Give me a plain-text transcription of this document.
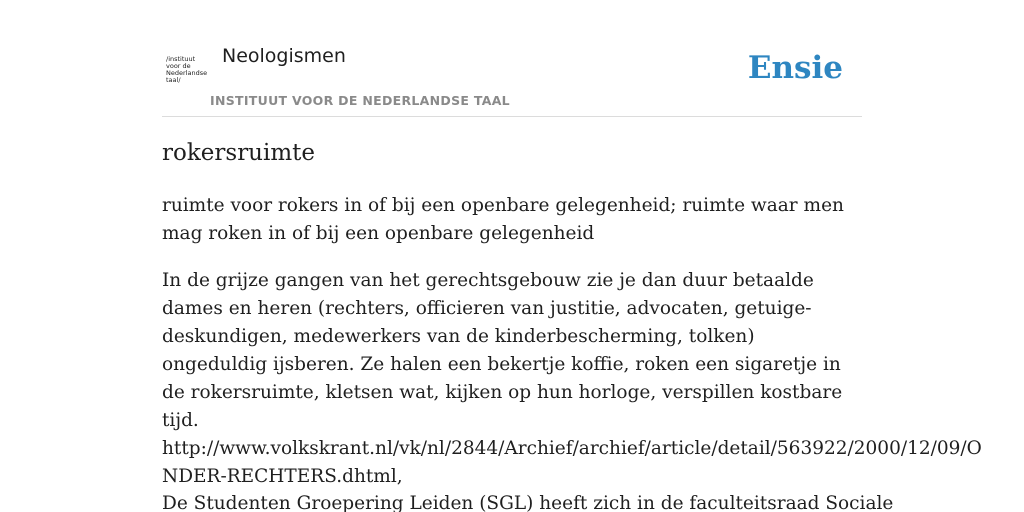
/instituut
voor de
Nederlandse
taal/
Neologismen
INSTITUUT VOOR DE NEDERLANDSE TAAL
Ensie
rokersruimte

ruimte voor rokers in of bij een openbare gelegenheid; ruimte waar men mag roken in of bij een openbare gelegenheid

In de grijze gangen van het gerechtsgebouw zie je dan duur betaalde dames en heren (rechters, officieren van justitie, advocaten, getuige-deskundigen, medewerkers van de kinderbescherming, tolken) ongeduldig ijsberen. Ze halen een bekertje koffie, roken een sigaretje in de rokersruimte, kletsen wat, kijken op hun horloge, verspillen kostbare tijd.

http://www.volkskrant.nl/vk/nl/2844/Archief/archief/article/detail/563922/2000/12/09/ONDER-RECHTERS.dhtml,

De Studenten Groepering Leiden (SGL) heeft zich in de faculteitsraad Sociale
